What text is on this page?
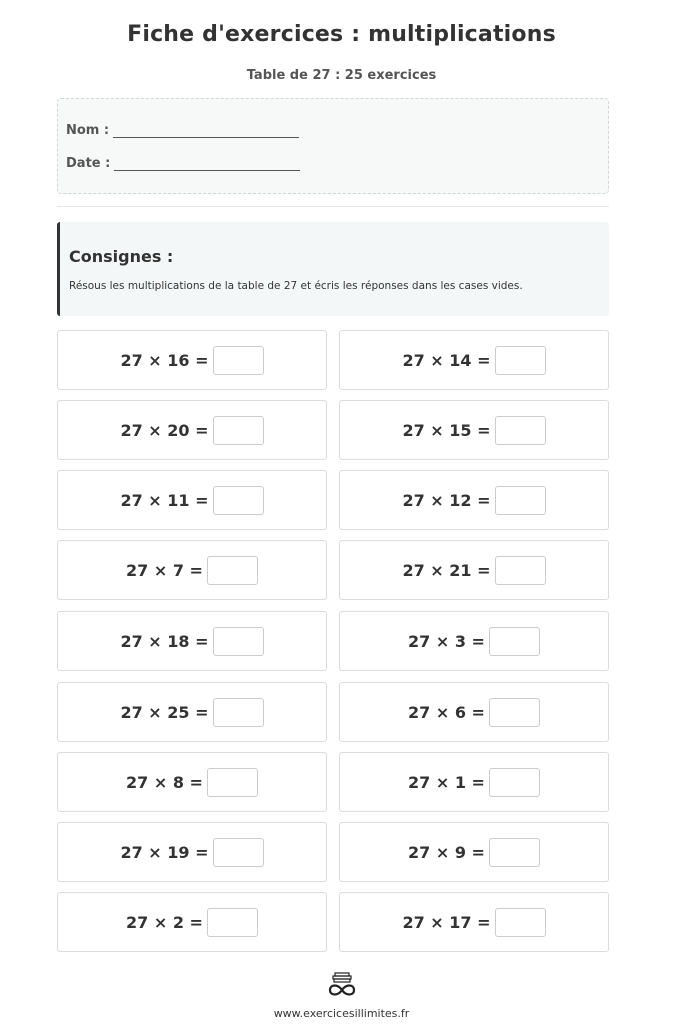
Fiche d'exercices : multiplications
Table de 27 : 25 exercices
Nom :
Date :
Consignes :

Résous les multiplications de la table de 27 et écris les réponses dans les cases vides.

27 × 16 =	27 × 14 =
27 × 20 =	27 × 15 =
27 × 11 =	27 × 12 =
27 × 7 =	27 × 21 =
27 × 18 =	27 × 3 =
27 × 25 =	27 × 6 =
27 × 8 =	27 × 1 =
27 × 19 =	27 × 9 =
27 × 2 =	27 × 17 =
www.exercicesillimites.fr
